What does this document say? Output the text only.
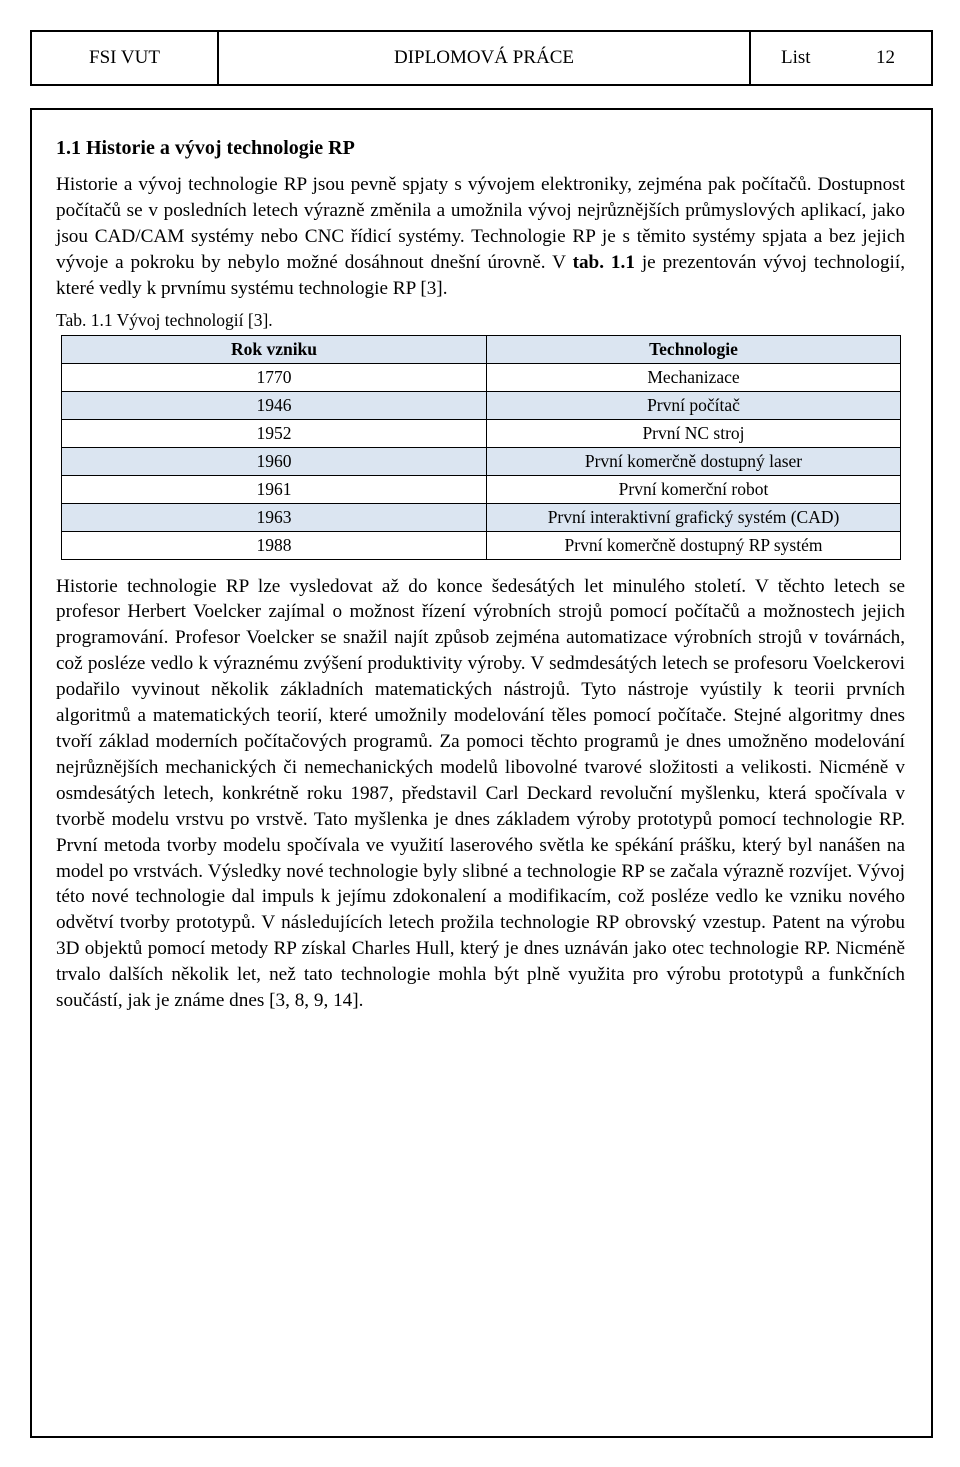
FSI VUT	DIPLOMOVÁ PRÁCE	List	12
1.1 Historie a vývoj technologie RP

Historie a vývoj technologie RP jsou pevně spjaty s vývojem elektroniky, zejména pak počítačů. Dostupnost počítačů se v posledních letech výrazně změnila a umožnila vývoj nejrůznějších průmyslových aplikací, jako jsou CAD/CAM systémy nebo CNC řídicí systémy. Technologie RP je s těmito systémy spjata a bez jejich vývoje a pokroku by nebylo možné dosáhnout dnešní úrovně. V tab. 1.1 je prezentován vývoj technologií, které vedly k prvnímu systému technologie RP [3].

Tab. 1.1 Vývoj technologií [3].
Rok vzniku	Technologie
1770	Mechanizace
1946	První počítač
1952	První NC stroj
1960	První komerčně dostupný laser
1961	První komerční robot
1963	První interaktivní grafický systém (CAD)
1988	První komerčně dostupný RP systém

Historie technologie RP lze vysledovat až do konce šedesátých let minulého století. V těchto letech se profesor Herbert Voelcker zajímal o možnost řízení výrobních strojů pomocí počítačů a možnostech jejich programování. Profesor Voelcker se snažil najít způsob zejména automatizace výrobních strojů v továrnách, což posléze vedlo k výraznému zvýšení produktivity výroby. V sedmdesátých letech se profesoru Voelckerovi podařilo vyvinout několik základních matematických nástrojů. Tyto nástroje vyústily k teorii prvních algoritmů a matematických teorií, které umožnily modelování těles pomocí počítače. Stejné algoritmy dnes tvoří základ moderních počítačových programů. Za pomoci těchto programů je dnes umožněno modelování nejrůznějších mechanických či nemechanických modelů libovolné tvarové složitosti a velikosti. Nicméně v osmdesátých letech, konkrétně roku 1987, představil Carl Deckard revoluční myšlenku, která spočívala v tvorbě modelu vrstvu po vrstvě. Tato myšlenka je dnes základem výroby prototypů pomocí technologie RP. První metoda tvorby modelu spočívala ve využití laserového světla ke spékání prášku, který byl nanášen na model po vrstvách. Výsledky nové technologie byly slibné a technologie RP se začala výrazně rozvíjet. Vývoj této nové technologie dal impuls k jejímu zdokonalení a modifikacím, což posléze vedlo ke vzniku nového odvětví tvorby prototypů. V následujících letech prožila technologie RP obrovský vzestup. Patent na výrobu 3D objektů pomocí metody RP získal Charles Hull, který je dnes uznáván jako otec technologie RP. Nicméně trvalo dalších několik let, než tato technologie mohla být plně využita pro výrobu prototypů a funkčních součástí, jak je známe dnes [3, 8, 9, 14].
